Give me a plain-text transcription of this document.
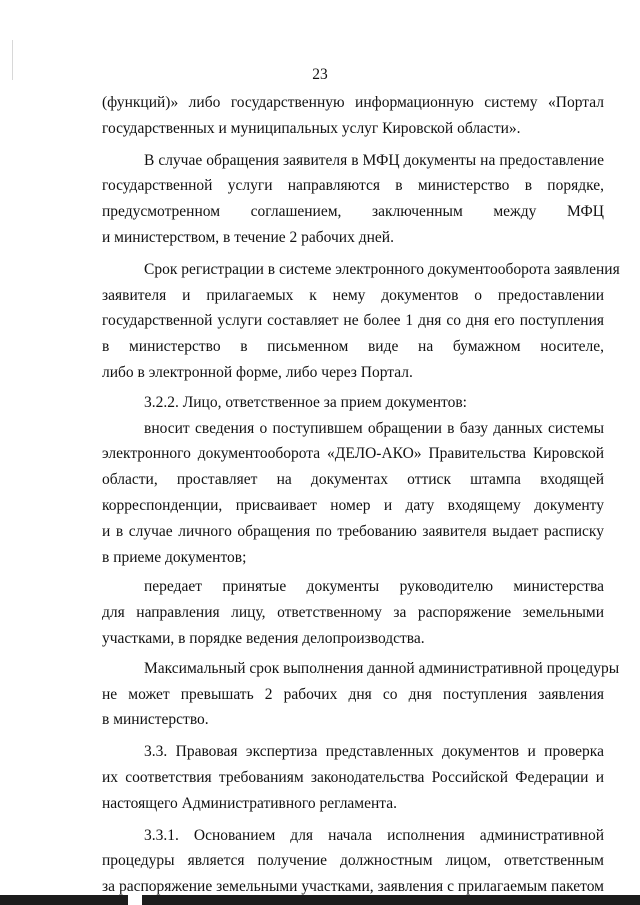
23

(функций)» либо государственную информационную систему «Портал
государственных и муниципальных услуг Кировской области».

В случае обращения заявителя в МФЦ документы на предоставление
государственной услуги направляются в министерство в порядке,
предусмотренном соглашением, заключенным между МФЦ
и министерством, в течение 2 рабочих дней.

Срок регистрации в системе электронного документооборота заявления
заявителя и прилагаемых к нему документов о предоставлении
государственной услуги составляет не более 1 дня со дня его поступления
в министерство в письменном виде на бумажном носителе,
либо в электронной форме, либо через Портал.

3.2.2. Лицо, ответственное за прием документов:

вносит сведения о поступившем обращении в базу данных системы
электронного документооборота «ДЕЛО-АКО» Правительства Кировской
области, проставляет на документах оттиск штампа входящей
корреспонденции, присваивает номер и дату входящему документу
и в случае личного обращения по требованию заявителя выдает расписку
в приеме документов;

передает принятые документы руководителю министерства
для направления лицу, ответственному за распоряжение земельными
участками, в порядке ведения делопроизводства.

Максимальный срок выполнения данной административной процедуры
не может превышать 2 рабочих дня со дня поступления заявления
в министерство.

3.3. Правовая экспертиза представленных документов и проверка
их соответствия требованиям законодательства Российской Федерации и
настоящего Административного регламента.

3.3.1. Основанием для начала исполнения административной
процедуры является получение должностным лицом, ответственным
за распоряжение земельными участками, заявления с прилагаемым пакетом
